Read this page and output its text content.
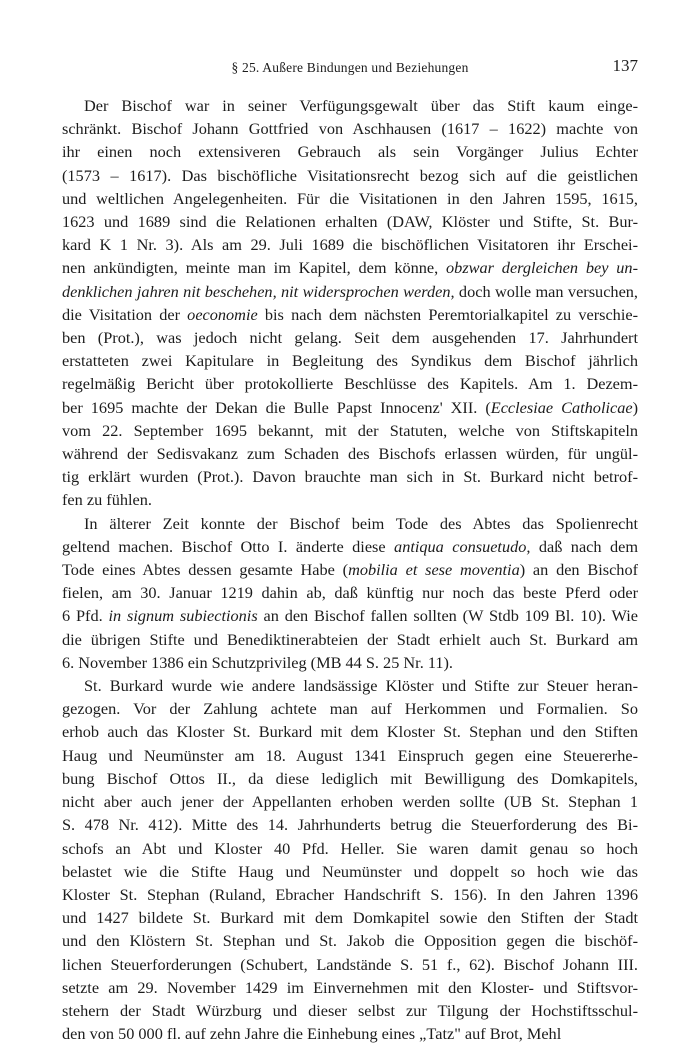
§ 25. Außere Bindungen und Beziehungen	137

Der Bischof war in seiner Verfügungsgewalt über das Stift kaum einge-
schränkt. Bischof Johann Gottfried von Aschhausen (1617 – 1622) machte von
ihr einen noch extensiveren Gebrauch als sein Vorgänger Julius Echter
(1573 – 1617). Das bischöfliche Visitationsrecht bezog sich auf die geistlichen
und weltlichen Angelegenheiten. Für die Visitationen in den Jahren 1595, 1615,
1623 und 1689 sind die Relationen erhalten (DAW, Klöster und Stifte, St. Bur-
kard K 1 Nr. 3). Als am 29. Juli 1689 die bischöflichen Visitatoren ihr Erschei-
nen ankündigten, meinte man im Kapitel, dem könne, obzwar dergleichen bey un-
denklichen jahren nit beschehen, nit widersprochen werden, doch wolle man versuchen,
die Visitation der oeconomie bis nach dem nächsten Peremtorialkapitel zu verschie-
ben (Prot.), was jedoch nicht gelang. Seit dem ausgehenden 17. Jahrhundert
erstatteten zwei Kapitulare in Begleitung des Syndikus dem Bischof jährlich
regelmäßig Bericht über protokollierte Beschlüsse des Kapitels. Am 1. Dezem-
ber 1695 machte der Dekan die Bulle Papst Innocenz' XII. (Ecclesiae Catholicae)
vom 22. September 1695 bekannt, mit der Statuten, welche von Stiftskapiteln
während der Sedisvakanz zum Schaden des Bischofs erlassen würden, für ungül-
tig erklärt wurden (Prot.). Davon brauchte man sich in St. Burkard nicht betrof-
fen zu fühlen.

In älterer Zeit konnte der Bischof beim Tode des Abtes das Spolienrecht
geltend machen. Bischof Otto I. änderte diese antiqua consuetudo, daß nach dem
Tode eines Abtes dessen gesamte Habe (mobilia et sese moventia) an den Bischof
fielen, am 30. Januar 1219 dahin ab, daß künftig nur noch das beste Pferd oder
6 Pfd. in signum subiectionis an den Bischof fallen sollten (W Stdb 109 Bl. 10). Wie
die übrigen Stifte und Benediktinerabteien der Stadt erhielt auch St. Burkard am
6. November 1386 ein Schutzprivileg (MB 44 S. 25 Nr. 11).

St. Burkard wurde wie andere landsässige Klöster und Stifte zur Steuer heran-
gezogen. Vor der Zahlung achtete man auf Herkommen und Formalien. So
erhob auch das Kloster St. Burkard mit dem Kloster St. Stephan und den Stiften
Haug und Neumünster am 18. August 1341 Einspruch gegen eine Steuererhe-
bung Bischof Ottos II., da diese lediglich mit Bewilligung des Domkapitels,
nicht aber auch jener der Appellanten erhoben werden sollte (UB St. Stephan 1
S. 478 Nr. 412). Mitte des 14. Jahrhunderts betrug die Steuerforderung des Bi-
schofs an Abt und Kloster 40 Pfd. Heller. Sie waren damit genau so hoch
belastet wie die Stifte Haug und Neumünster und doppelt so hoch wie das
Kloster St. Stephan (Ruland, Ebracher Handschrift S. 156). In den Jahren 1396
und 1427 bildete St. Burkard mit dem Domkapitel sowie den Stiften der Stadt
und den Klöstern St. Stephan und St. Jakob die Opposition gegen die bischöf-
lichen Steuerforderungen (Schubert, Landstände S. 51 f., 62). Bischof Johann III.
setzte am 29. November 1429 im Einvernehmen mit den Kloster- und Stiftsvor-
stehern der Stadt Würzburg und dieser selbst zur Tilgung der Hochstiftsschul-
den von 50 000 fl. auf zehn Jahre die Einhebung eines „Tatz" auf Brot, Mehl
